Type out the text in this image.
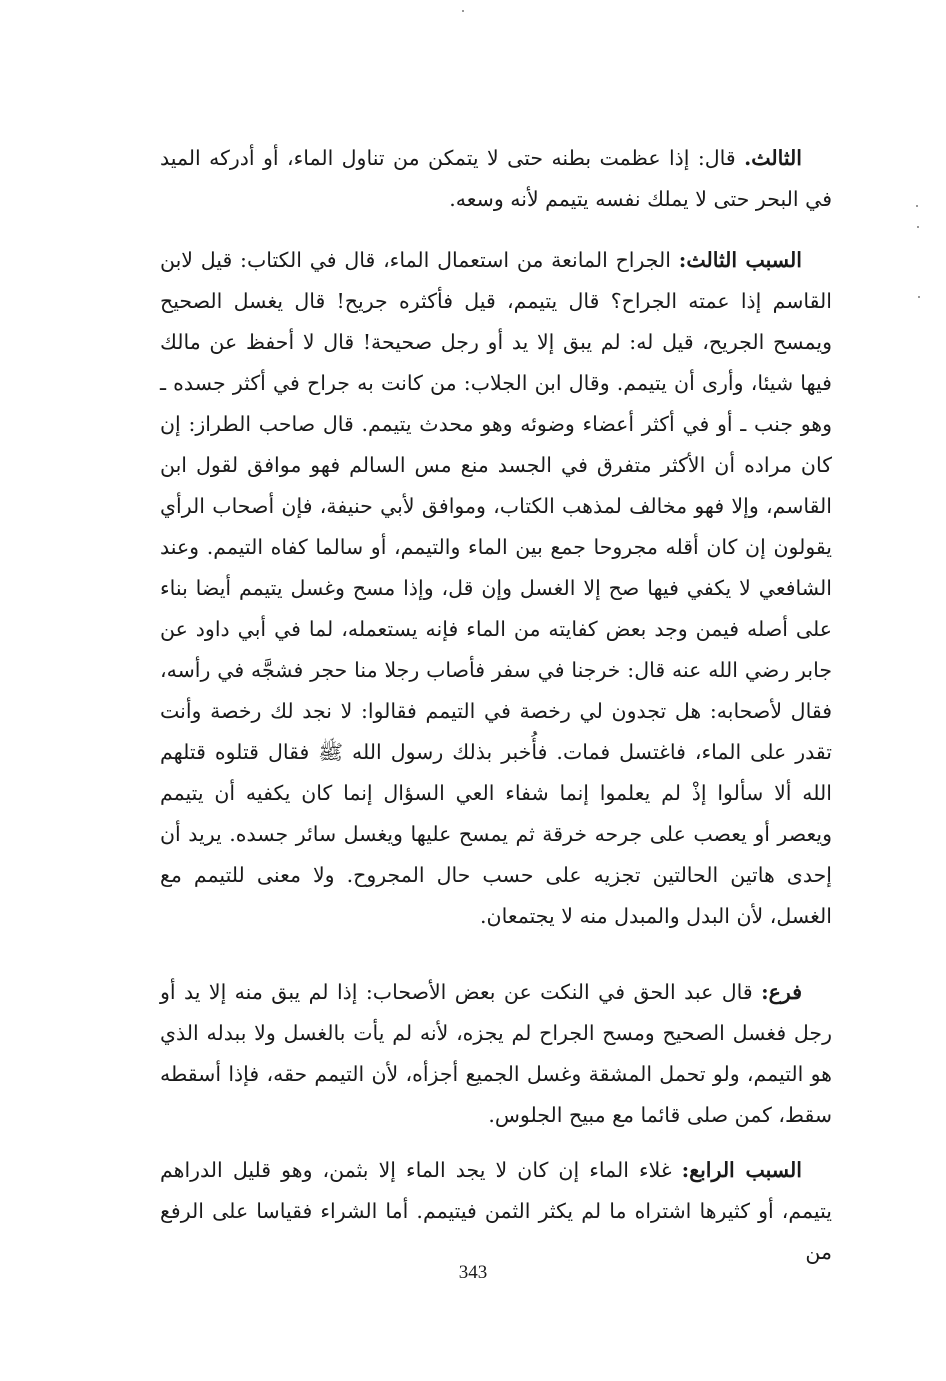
الثالث. قال: إذا عظمت بطنه حتى لا يتمكن من تناول الماء، أو أدركه الميد في البحر حتى لا يملك نفسه يتيمم لأنه وسعه.

السبب الثالث: الجراح المانعة من استعمال الماء، قال في الكتاب: قيل لابن القاسم إذا عمته الجراح؟ قال يتيمم، قيل فأكثره جريح! قال يغسل الصحيح ويمسح الجريح، قيل له: لم يبق إلا يد أو رجل صحيحة! قال لا أحفظ عن مالك فيها شيئا، وأرى أن يتيمم. وقال ابن الجلاب: من كانت به جراح في أكثر جسده ـ وهو جنب ـ أو في أكثر أعضاء وضوئه وهو محدث يتيمم. قال صاحب الطراز: إن كان مراده أن الأكثر متفرق في الجسد منع مس السالم فهو موافق لقول ابن القاسم، وإلا فهو مخالف لمذهب الكتاب، وموافق لأبي حنيفة، فإن أصحاب الرأي يقولون إن كان أقله مجروحا جمع بين الماء والتيمم، أو سالما كفاه التيمم. وعند الشافعي لا يكفي فيها صح إلا الغسل وإن قل، وإذا مسح وغسل يتيمم أيضا بناء على أصله فيمن وجد بعض كفايته من الماء فإنه يستعمله، لما في أبي داود عن جابر رضي الله عنه قال: خرجنا في سفر فأصاب رجلا منا حجر فشجَّه في رأسه، فقال لأصحابه: هل تجدون لي رخصة في التيمم فقالوا: لا نجد لك رخصة وأنت تقدر على الماء، فاغتسل فمات. فأُخبر بذلك رسول الله ﷺ فقال قتلوه قتلهم الله ألا سألوا إذْ لم يعلموا إنما شفاء العي السؤال إنما كان يكفيه أن يتيمم ويعصر أو يعصب على جرحه خرقة ثم يمسح عليها ويغسل سائر جسده. يريد أن إحدى هاتين الحالتين تجزيه على حسب حال المجروح. ولا معنى للتيمم مع الغسل، لأن البدل والمبدل منه لا يجتمعان.

فرع: قال عبد الحق في النكت عن بعض الأصحاب: إذا لم يبق منه إلا يد أو رجل فغسل الصحيح ومسح الجراح لم يجزه، لأنه لم يأت بالغسل ولا ببدله الذي هو التيمم، ولو تحمل المشقة وغسل الجميع أجزأه، لأن التيمم حقه، فإذا أسقطه سقط، كمن صلى قائما مع مبيح الجلوس.

السبب الرابع: غلاء الماء إن كان لا يجد الماء إلا بثمن، وهو قليل الدراهم يتيمم، أو كثيرها اشتراه ما لم يكثر الثمن فيتيمم. أما الشراء فقياسا على الرفع من

343
